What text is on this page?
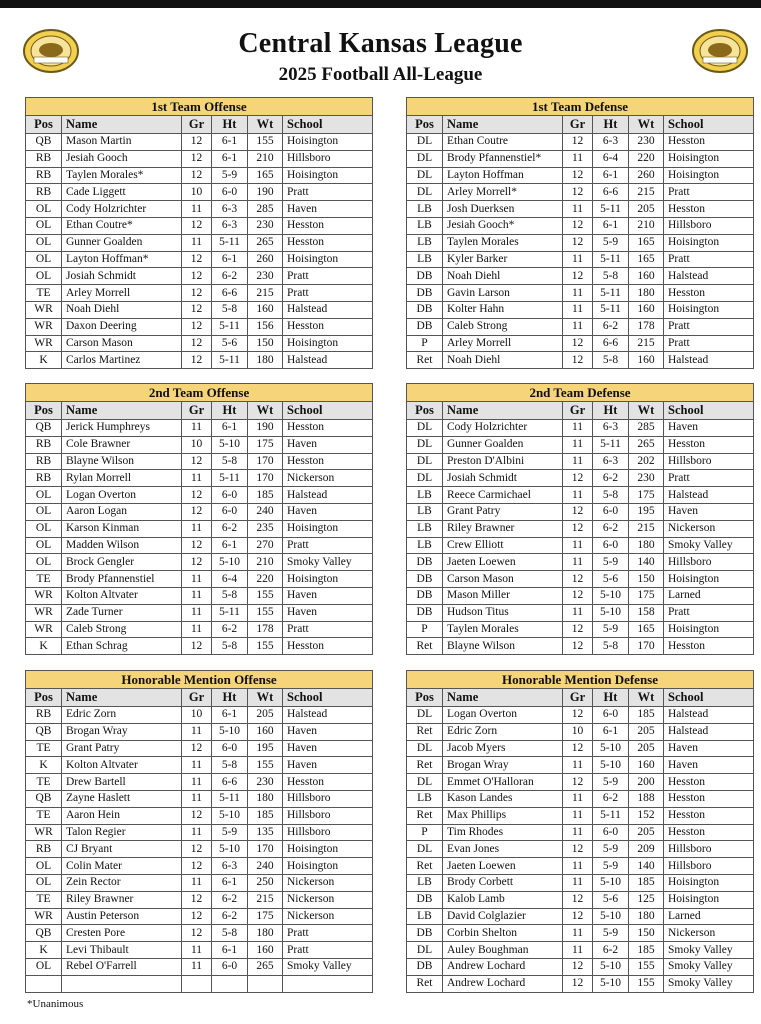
Central Kansas League
2025 Football All-League
1st Team Offense					
Pos	Name	Gr	Ht	Wt	School
QB	Mason Martin	12	6-1	155	Hoisington
RB	Jesiah Gooch	12	6-1	210	Hillsboro
RB	Taylen Morales*	12	5-9	165	Hoisington
RB	Cade Liggett	10	6-0	190	Pratt
OL	Cody Holzrichter	11	6-3	285	Haven
OL	Ethan Coutre*	12	6-3	230	Hesston
OL	Gunner Goalden	11	5-11	265	Hesston
OL	Layton Hoffman*	12	6-1	260	Hoisington
OL	Josiah Schmidt	12	6-2	230	Pratt
TE	Arley Morrell	12	6-6	215	Pratt
WR	Noah Diehl	12	5-8	160	Halstead
WR	Daxon Deering	12	5-11	156	Hesston
WR	Carson Mason	12	5-6	150	Hoisington
K	Carlos Martinez	12	5-11	180	Halstead
1st Team Defense					
Pos	Name	Gr	Ht	Wt	School
DL	Ethan Coutre	12	6-3	230	Hesston
DL	Brody Pfannenstiel*	11	6-4	220	Hoisington
DL	Layton Hoffman	12	6-1	260	Hoisington
DL	Arley Morrell*	12	6-6	215	Pratt
LB	Josh Duerksen	11	5-11	205	Hesston
LB	Jesiah Gooch*	12	6-1	210	Hillsboro
LB	Taylen Morales	12	5-9	165	Hoisington
LB	Kyler Barker	11	5-11	165	Pratt
DB	Noah Diehl	12	5-8	160	Halstead
DB	Gavin Larson	11	5-11	180	Hesston
DB	Kolter Hahn	11	5-11	160	Hoisington
DB	Caleb Strong	11	6-2	178	Pratt
P	Arley Morrell	12	6-6	215	Pratt
Ret	Noah Diehl	12	5-8	160	Halstead
2nd Team Offense					
Pos	Name	Gr	Ht	Wt	School
QB	Jerick Humphreys	11	6-1	190	Hesston
RB	Cole Brawner	10	5-10	175	Haven
RB	Blayne Wilson	12	5-8	170	Hesston
RB	Rylan Morrell	11	5-11	170	Nickerson
OL	Logan Overton	12	6-0	185	Halstead
OL	Aaron Logan	12	6-0	240	Haven
OL	Karson Kinman	11	6-2	235	Hoisington
OL	Madden Wilson	12	6-1	270	Pratt
OL	Brock Gengler	12	5-10	210	Smoky Valley
TE	Brody Pfannenstiel	11	6-4	220	Hoisington
WR	Kolton Altvater	11	5-8	155	Haven
WR	Zade Turner	11	5-11	155	Haven
WR	Caleb Strong	11	6-2	178	Pratt
K	Ethan Schrag	12	5-8	155	Hesston
2nd Team Defense					
Pos	Name	Gr	Ht	Wt	School
DL	Cody Holzrichter	11	6-3	285	Haven
DL	Gunner Goalden	11	5-11	265	Hesston
DL	Preston D'Albini	11	6-3	202	Hillsboro
DL	Josiah Schmidt	12	6-2	230	Pratt
LB	Reece Carmichael	11	5-8	175	Halstead
LB	Grant Patry	12	6-0	195	Haven
LB	Riley Brawner	12	6-2	215	Nickerson
LB	Crew Elliott	11	6-0	180	Smoky Valley
DB	Jaeten Loewen	11	5-9	140	Hillsboro
DB	Carson Mason	12	5-6	150	Hoisington
DB	Mason Miller	12	5-10	175	Larned
DB	Hudson Titus	11	5-10	158	Pratt
P	Taylen Morales	12	5-9	165	Hoisington
Ret	Blayne Wilson	12	5-8	170	Hesston
Honorable Mention Offense					
Pos	Name	Gr	Ht	Wt	School
RB	Edric Zorn	10	6-1	205	Halstead
QB	Brogan Wray	11	5-10	160	Haven
TE	Grant Patry	12	6-0	195	Haven
K	Kolton Altvater	11	5-8	155	Haven
TE	Drew Bartell	11	6-6	230	Hesston
QB	Zayne Haslett	11	5-11	180	Hillsboro
TE	Aaron Hein	12	5-10	185	Hillsboro
WR	Talon Regier	11	5-9	135	Hillsboro
RB	CJ Bryant	12	5-10	170	Hoisington
OL	Colin Mater	12	6-3	240	Hoisington
OL	Zein Rector	11	6-1	250	Nickerson
TE	Riley Brawner	12	6-2	215	Nickerson
WR	Austin Peterson	12	6-2	175	Nickerson
QB	Cresten Pore	12	5-8	180	Pratt
K	Levi Thibault	11	6-1	160	Pratt
OL	Rebel O'Farrell	11	6-0	265	Smoky Valley

Honorable Mention Defense					
Pos	Name	Gr	Ht	Wt	School
DL	Logan Overton	12	6-0	185	Halstead
Ret	Edric Zorn	10	6-1	205	Halstead
DL	Jacob Myers	12	5-10	205	Haven
Ret	Brogan Wray	11	5-10	160	Haven
DL	Emmet O'Halloran	12	5-9	200	Hesston
LB	Kason Landes	11	6-2	188	Hesston
Ret	Max Phillips	11	5-11	152	Hesston
P	Tim Rhodes	11	6-0	205	Hesston
DL	Evan Jones	12	5-9	209	Hillsboro
Ret	Jaeten Loewen	11	5-9	140	Hillsboro
LB	Brody Corbett	11	5-10	185	Hoisington
DB	Kalob Lamb	12	5-6	125	Hoisington
LB	David Colglazier	12	5-10	180	Larned
DB	Corbin Shelton	11	5-9	150	Nickerson
DL	Auley Boughman	11	6-2	185	Smoky Valley
DB	Andrew Lochard	12	5-10	155	Smoky Valley
Ret	Andrew Lochard	12	5-10	155	Smoky Valley
*Unanimous
